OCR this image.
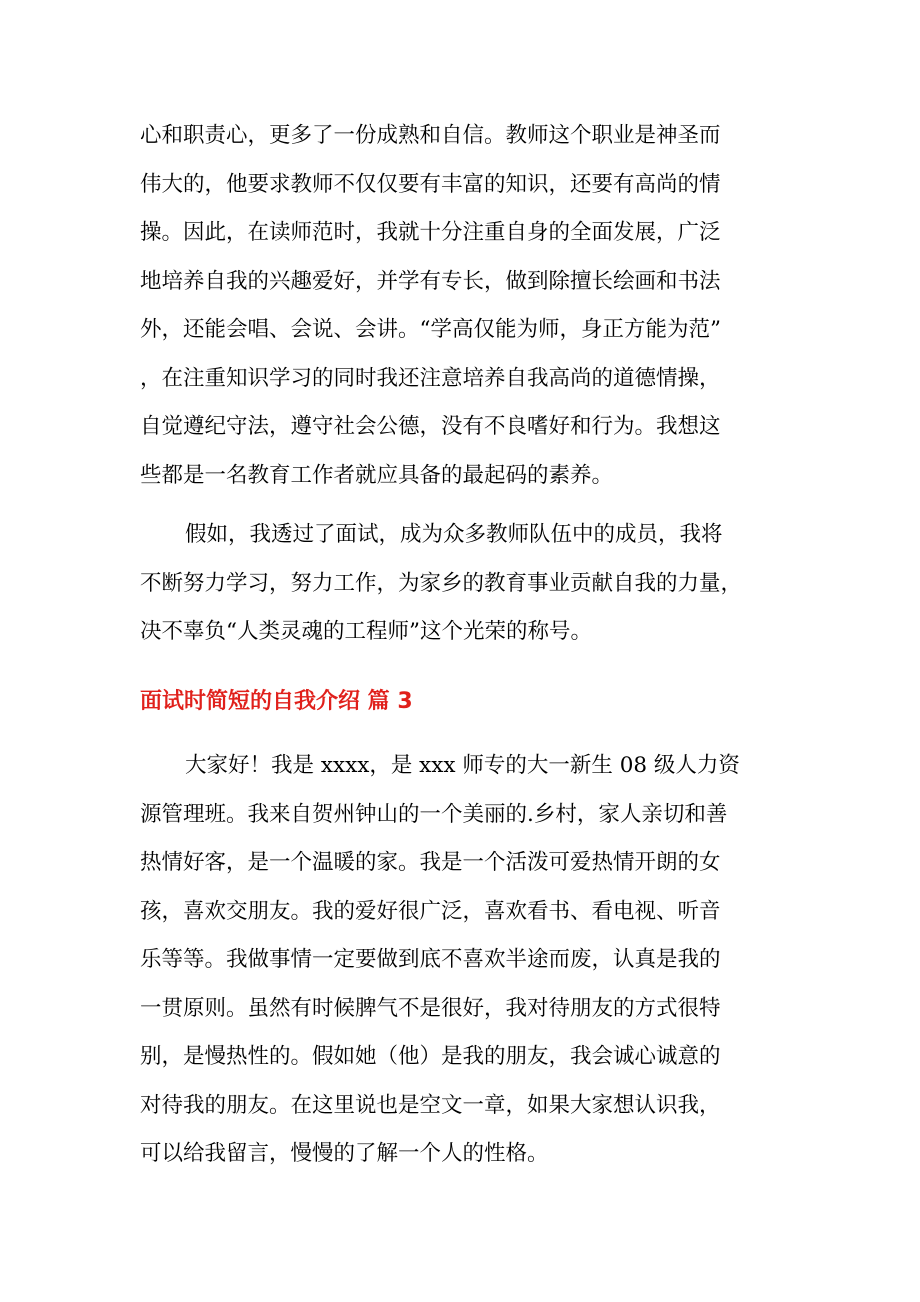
心和职责心，更多了一份成熟和自信。教师这个职业是神圣而
伟大的，他要求教师不仅仅要有丰富的知识，还要有高尚的情
操。因此，在读师范时，我就十分注重自身的全面发展，广泛
地培养自我的兴趣爱好，并学有专长，做到除擅长绘画和书法
外，还能会唱、会说、会讲。“学高仅能为师，身正方能为范”
，在注重知识学习的同时我还注意培养自我高尚的道德情操，
自觉遵纪守法，遵守社会公德，没有不良嗜好和行为。我想这
些都是一名教育工作者就应具备的最起码的素养。
假如，我透过了面试，成为众多教师队伍中的成员，我将
不断努力学习，努力工作，为家乡的教育事业贡献自我的力量，
决不辜负“人类灵魂的工程师”这个光荣的称号。
面试时简短的自我介绍 篇 3
大家好！我是 xxxx，是 xxx 师专的大一新生 08 级人力资
源管理班。我来自贺州钟山的一个美丽的.乡村，家人亲切和善
热情好客，是一个温暖的家。我是一个活泼可爱热情开朗的女
孩，喜欢交朋友。我的爱好很广泛，喜欢看书、看电视、听音
乐等等。我做事情一定要做到底不喜欢半途而废，认真是我的
一贯原则。虽然有时候脾气不是很好，我对待朋友的方式很特
别，是慢热性的。假如她（他）是我的朋友，我会诚心诚意的
对待我的朋友。在这里说也是空文一章，如果大家想认识我，
可以给我留言，慢慢的了解一个人的性格。
